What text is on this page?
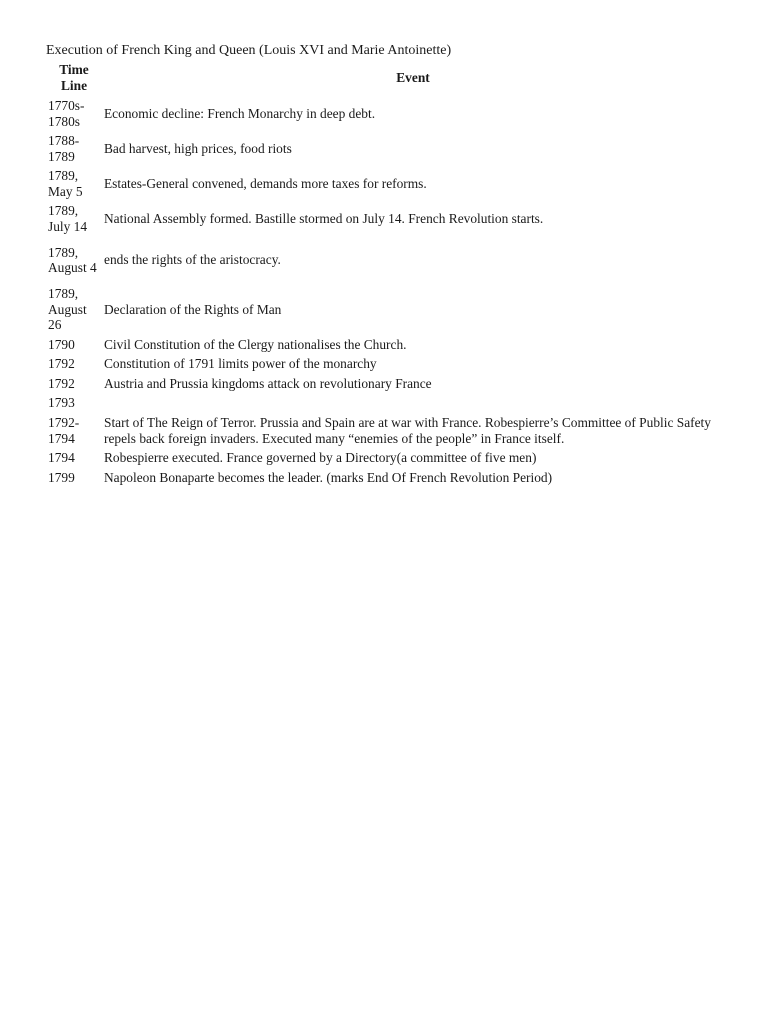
Execution of French King and Queen (Louis XVI and Marie Antoinette)
Time Line	Event
1770s-1780s	Economic decline: French Monarchy in deep debt.
1788-1789	Bad harvest, high prices, food riots
1789, May 5	Estates-General convened, demands more taxes for reforms.
1789, July 14	National Assembly formed. Bastille stormed on July 14. French Revolution starts.
1789, August 4	ends the rights of the aristocracy.
1789, August 26	Declaration of the Rights of Man
1790	Civil Constitution of the Clergy nationalises the Church.
1792	Constitution of 1791 limits power of the monarchy
1792	Austria and Prussia kingdoms attack on revolutionary France
1793	
1792-1794	Start of The Reign of Terror. Prussia and Spain are at war with France. Robespierre’s Committee of Public Safety repels back foreign invaders. Executed many “enemies of the people” in France itself.
1794	Robespierre executed. France governed by a Directory(a committee of five men)
1799	Napoleon Bonaparte becomes the leader. (marks End Of French Revolution Period)
